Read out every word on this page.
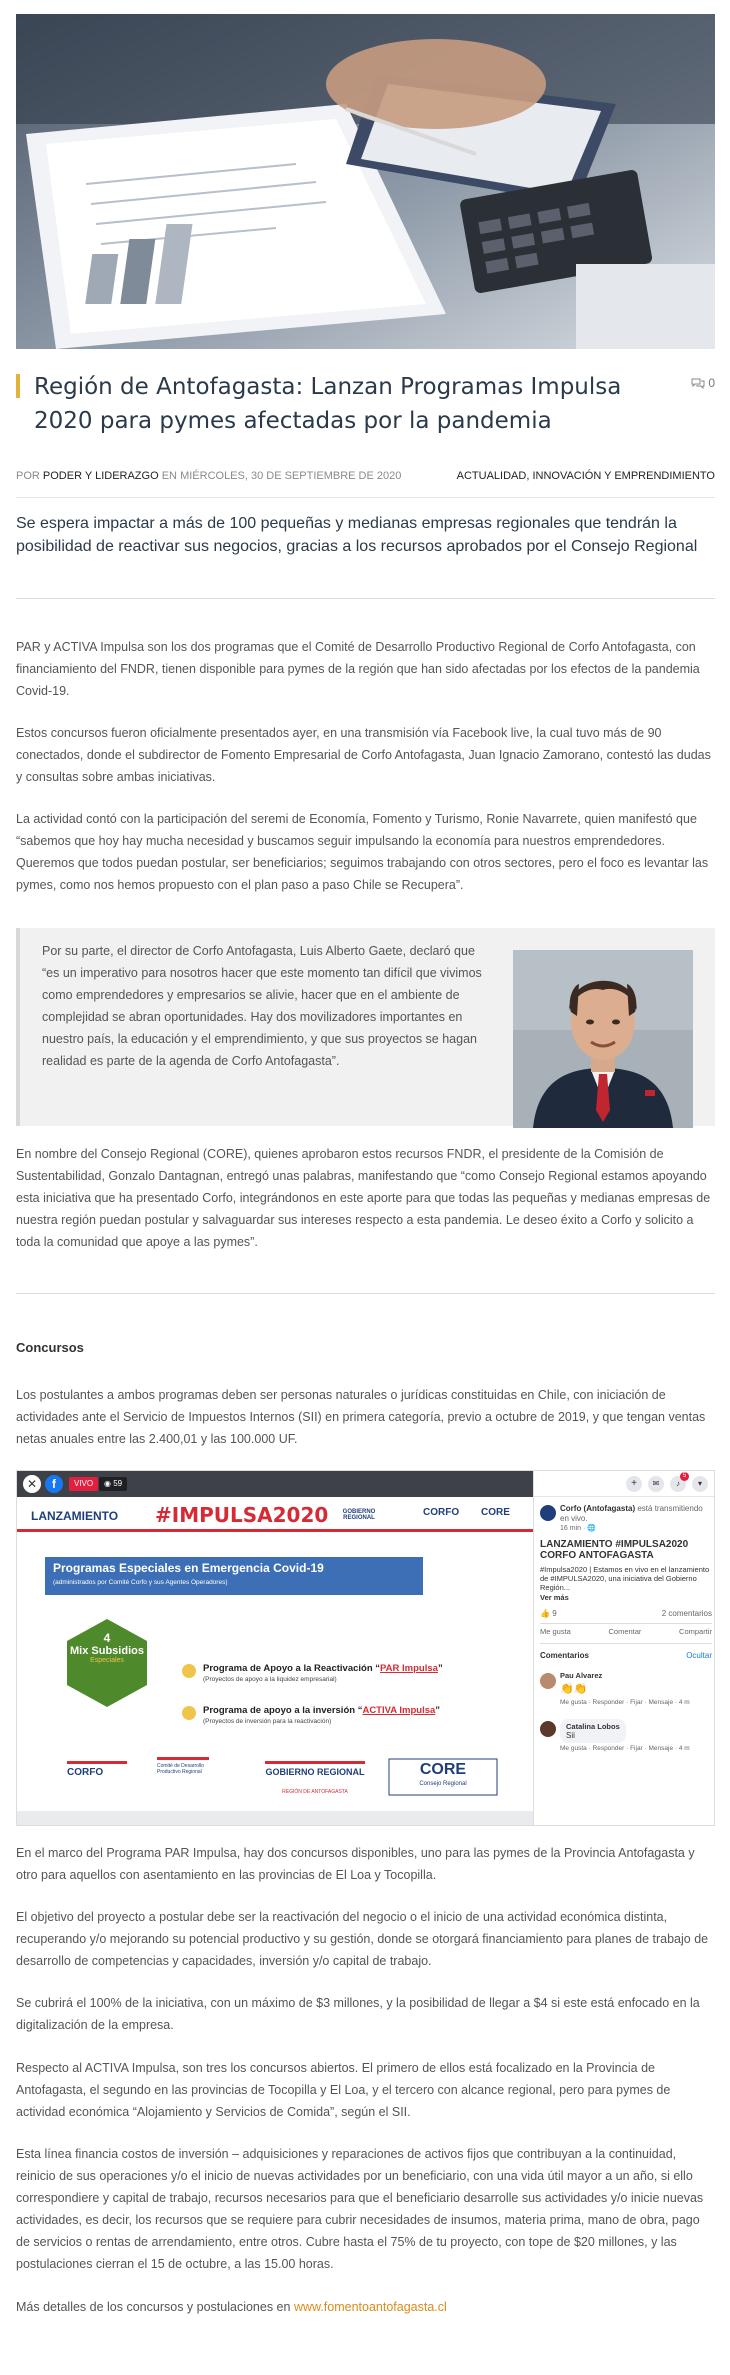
Región de Antofagasta: Lanzan Programas Impulsa 2020 para pymes afectadas por la pandemia
0
POR PODER Y LIDERAZGO EN MIÉRCOLES, 30 DE SEPTIEMBRE DE 2020	ACTUALIDAD, INNOVACIÓN Y EMPRENDIMIENTO

Se espera impactar a más de 100 pequeñas y medianas empresas regionales que tendrán la posibilidad de reactivar sus negocios, gracias a los recursos aprobados por el Consejo Regional

PAR y ACTIVA Impulsa son los dos programas que el Comité de Desarrollo Productivo Regional de Corfo Antofagasta, con financiamiento del FNDR, tienen disponible para pymes de la región que han sido afectadas por los efectos de la pandemia Covid-19.

Estos concursos fueron oficialmente presentados ayer, en una transmisión vía Facebook live, la cual tuvo más de 90 conectados, donde el subdirector de Fomento Empresarial de Corfo Antofagasta, Juan Ignacio Zamorano, contestó las dudas y consultas sobre ambas iniciativas.

La actividad contó con la participación del seremi de Economía, Fomento y Turismo, Ronie Navarrete, quien manifestó que “sabemos que hoy hay mucha necesidad y buscamos seguir impulsando la economía para nuestros emprendedores. Queremos que todos puedan postular, ser beneficiarios; seguimos trabajando con otros sectores, pero el foco es levantar las pymes, como nos hemos propuesto con el plan paso a paso Chile se Recupera”.

Por su parte, el director de Corfo Antofagasta, Luis Alberto Gaete, declaró que “es un imperativo para nosotros hacer que este momento tan difícil que vivimos como emprendedores y empresarios se alivie, hacer que en el ambiente de complejidad se abran oportunidades. Hay dos movilizadores importantes en nuestro país, la educación y el emprendimiento, y que sus proyectos se hagan realidad es parte de la agenda de Corfo Antofagasta”.

En nombre del Consejo Regional (CORE), quienes aprobaron estos recursos FNDR, el presidente de la Comisión de Sustentabilidad, Gonzalo Dantagnan, entregó unas palabras, manifestando que “como Consejo Regional estamos apoyando esta iniciativa que ha presentado Corfo, integrándonos en este aporte para que todas las pequeñas y medianas empresas de nuestra región puedan postular y salvaguardar sus intereses respecto a esta pandemia. Le deseo éxito a Corfo y solicito a toda la comunidad que apoye a las pymes”.

Concursos

Los postulantes a ambos programas deben ser personas naturales o jurídicas constituidas en Chile, con iniciación de actividades ante el Servicio de Impuestos Internos (SII) en primera categoría, previo a octubre de 2019, y que tengan ventas netas anuales entre las 2.400,01 y las 100.000 UF.

✕	f	VIVO	◉ 59
LANZAMIENTO #IMPULSA2020	GOBIERNO REGIONAL	CORFO CORE
Programas Especiales en Emergencia Covid-19
(administrados por Comité Corfo y sus Agentes Operadores)
4
Mix Subsidios
Especiales
Programa de Apoyo a la Reactivación “PAR Impulsa”
(Proyectos de apoyo a la liquidez empresarial)
Programa de apoyo a la inversión “ACTIVA Impulsa”
(Proyectos de inversión para la reactivación)
CORFO
Comité de Desarrollo Productivo Regional	GOBIERNO REGIONAL
REGIÓN DE ANTOFAGASTA
CORE
Consejo Regional
+	✉	♪
5
▾
Corfo (Antofagasta) está transmitiendo en vivo.
16 min · 🌐
LANZAMIENTO #IMPULSA2020 CORFO ANTOFAGASTA
#Impulsa2020 | Estamos en vivo en el lanzamiento de #IMPULSA2020, una iniciativa del Gobierno Región...
Ver más
👍 9	2 comentarios
Me gusta	Comentar	Compartir
Comentarios	Ocultar
Pau Alvarez
👏👏
Me gusta · Responder · Fijar · Mensaje · 4 m
Catalina Lobos
Sii
Me gusta · Responder · Fijar · Mensaje · 4 m

En el marco del Programa PAR Impulsa, hay dos concursos disponibles, uno para las pymes de la Provincia Antofagasta y otro para aquellos con asentamiento en las provincias de El Loa y Tocopilla.

El objetivo del proyecto a postular debe ser la reactivación del negocio o el inicio de una actividad económica distinta, recuperando y/o mejorando su potencial productivo y su gestión, donde se otorgará financiamiento para planes de trabajo de desarrollo de competencias y capacidades, inversión y/o capital de trabajo.

Se cubrirá el 100% de la iniciativa, con un máximo de $3 millones, y la posibilidad de llegar a $4 si este está enfocado en la digitalización de la empresa.

Respecto al ACTIVA Impulsa, son tres los concursos abiertos. El primero de ellos está focalizado en la Provincia de Antofagasta, el segundo en las provincias de Tocopilla y El Loa, y el tercero con alcance regional, pero para pymes de actividad económica “Alojamiento y Servicios de Comida”, según el SII.

Esta línea financia costos de inversión – adquisiciones y reparaciones de activos fijos que contribuyan a la continuidad, reinicio de sus operaciones y/o el inicio de nuevas actividades por un beneficiario, con una vida útil mayor a un año, si ello correspondiere y capital de trabajo, recursos necesarios para que el beneficiario desarrolle sus actividades y/o inicie nuevas actividades, es decir, los recursos que se requiere para cubrir necesidades de insumos, materia prima, mano de obra, pago de servicios o rentas de arrendamiento, entre otros. Cubre hasta el 75% de tu proyecto, con tope de $20 millones, y las postulaciones cierran el 15 de octubre, a las 15.00 horas.

Más detalles de los concursos y postulaciones en www.fomentoantofagasta.cl
